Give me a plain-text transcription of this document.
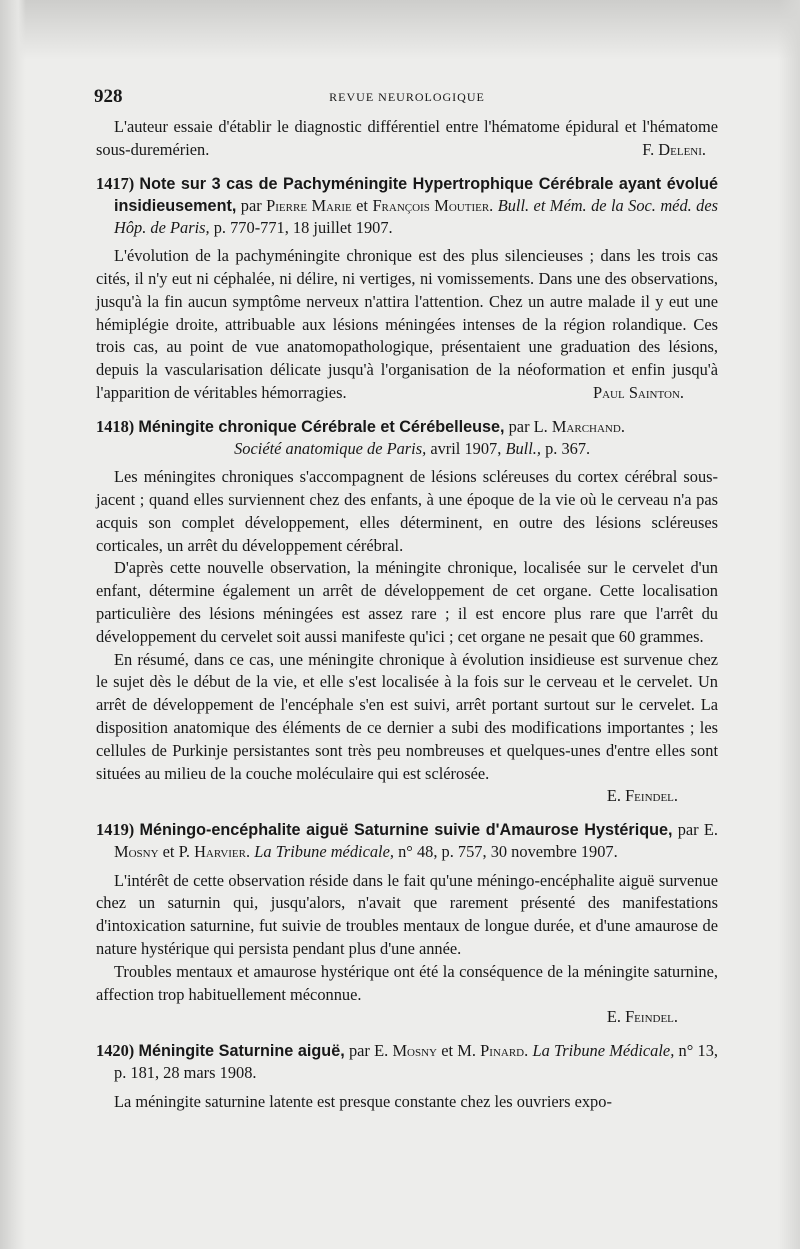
928	REVUE NEUROLOGIQUE

L'auteur essaie d'établir le diagnostic différentiel entre l'hématome épidural et l'hématome sous-duremérien.	F. Deleni.

1417) Note sur 3 cas de Pachyméningite Hypertrophique Cérébrale ayant évolué insidieusement, par Pierre Marie et François Moutier. Bull. et Mém. de la Soc. méd. des Hôp. de Paris, p. 770-771, 18 juillet 1907.

L'évolution de la pachyméningite chronique est des plus silencieuses ; dans les trois cas cités, il n'y eut ni céphalée, ni délire, ni vertiges, ni vomissements. Dans une des observations, jusqu'à la fin aucun symptôme nerveux n'attira l'attention. Chez un autre malade il y eut une hémiplégie droite, attribuable aux lésions méningées intenses de la région rolandique. Ces trois cas, au point de vue anatomopathologique, présentaient une graduation des lésions, depuis la vascularisation délicate jusqu'à l'organisation de la néoformation et enfin jusqu'à l'apparition de véritables hémorragies.	Paul Sainton.

1418) Méningite chronique Cérébrale et Cérébelleuse, par L. Marchand.
Société anatomique de Paris, avril 1907, Bull., p. 367.

Les méningites chroniques s'accompagnent de lésions scléreuses du cortex cérébral sous-jacent ; quand elles surviennent chez des enfants, à une époque de la vie où le cerveau n'a pas acquis son complet développement, elles déterminent, en outre des lésions scléreuses corticales, un arrêt du développement cérébral.

D'après cette nouvelle observation, la méningite chronique, localisée sur le cervelet d'un enfant, détermine également un arrêt de développement de cet organe. Cette localisation particulière des lésions méningées est assez rare ; il est encore plus rare que l'arrêt du développement du cervelet soit aussi manifeste qu'ici ; cet organe ne pesait que 60 grammes.

En résumé, dans ce cas, une méningite chronique à évolution insidieuse est survenue chez le sujet dès le début de la vie, et elle s'est localisée à la fois sur le cerveau et le cervelet. Un arrêt de développement de l'encéphale s'en est suivi, arrêt portant surtout sur le cervelet. La disposition anatomique des éléments de ce dernier a subi des modifications importantes ; les cellules de Purkinje persistantes sont très peu nombreuses et quelques-unes d'entre elles sont situées au milieu de la couche moléculaire qui est sclérosée.

E. Feindel.

1419) Méningo-encéphalite aiguë Saturnine suivie d'Amaurose Hystérique, par E. Mosny et P. Harvier. La Tribune médicale, n° 48, p. 757, 30 novembre 1907.

L'intérêt de cette observation réside dans le fait qu'une méningo-encéphalite aiguë survenue chez un saturnin qui, jusqu'alors, n'avait que rarement présenté des manifestations d'intoxication saturnine, fut suivie de troubles mentaux de longue durée, et d'une amaurose de nature hystérique qui persista pendant plus d'une année.

Troubles mentaux et amaurose hystérique ont été la conséquence de la méningite saturnine, affection trop habituellement méconnue.

E. Feindel.

1420) Méningite Saturnine aiguë, par E. Mosny et M. Pinard. La Tribune Médicale, n° 13, p. 181, 28 mars 1908.

La méningite saturnine latente est presque constante chez les ouvriers expo-
